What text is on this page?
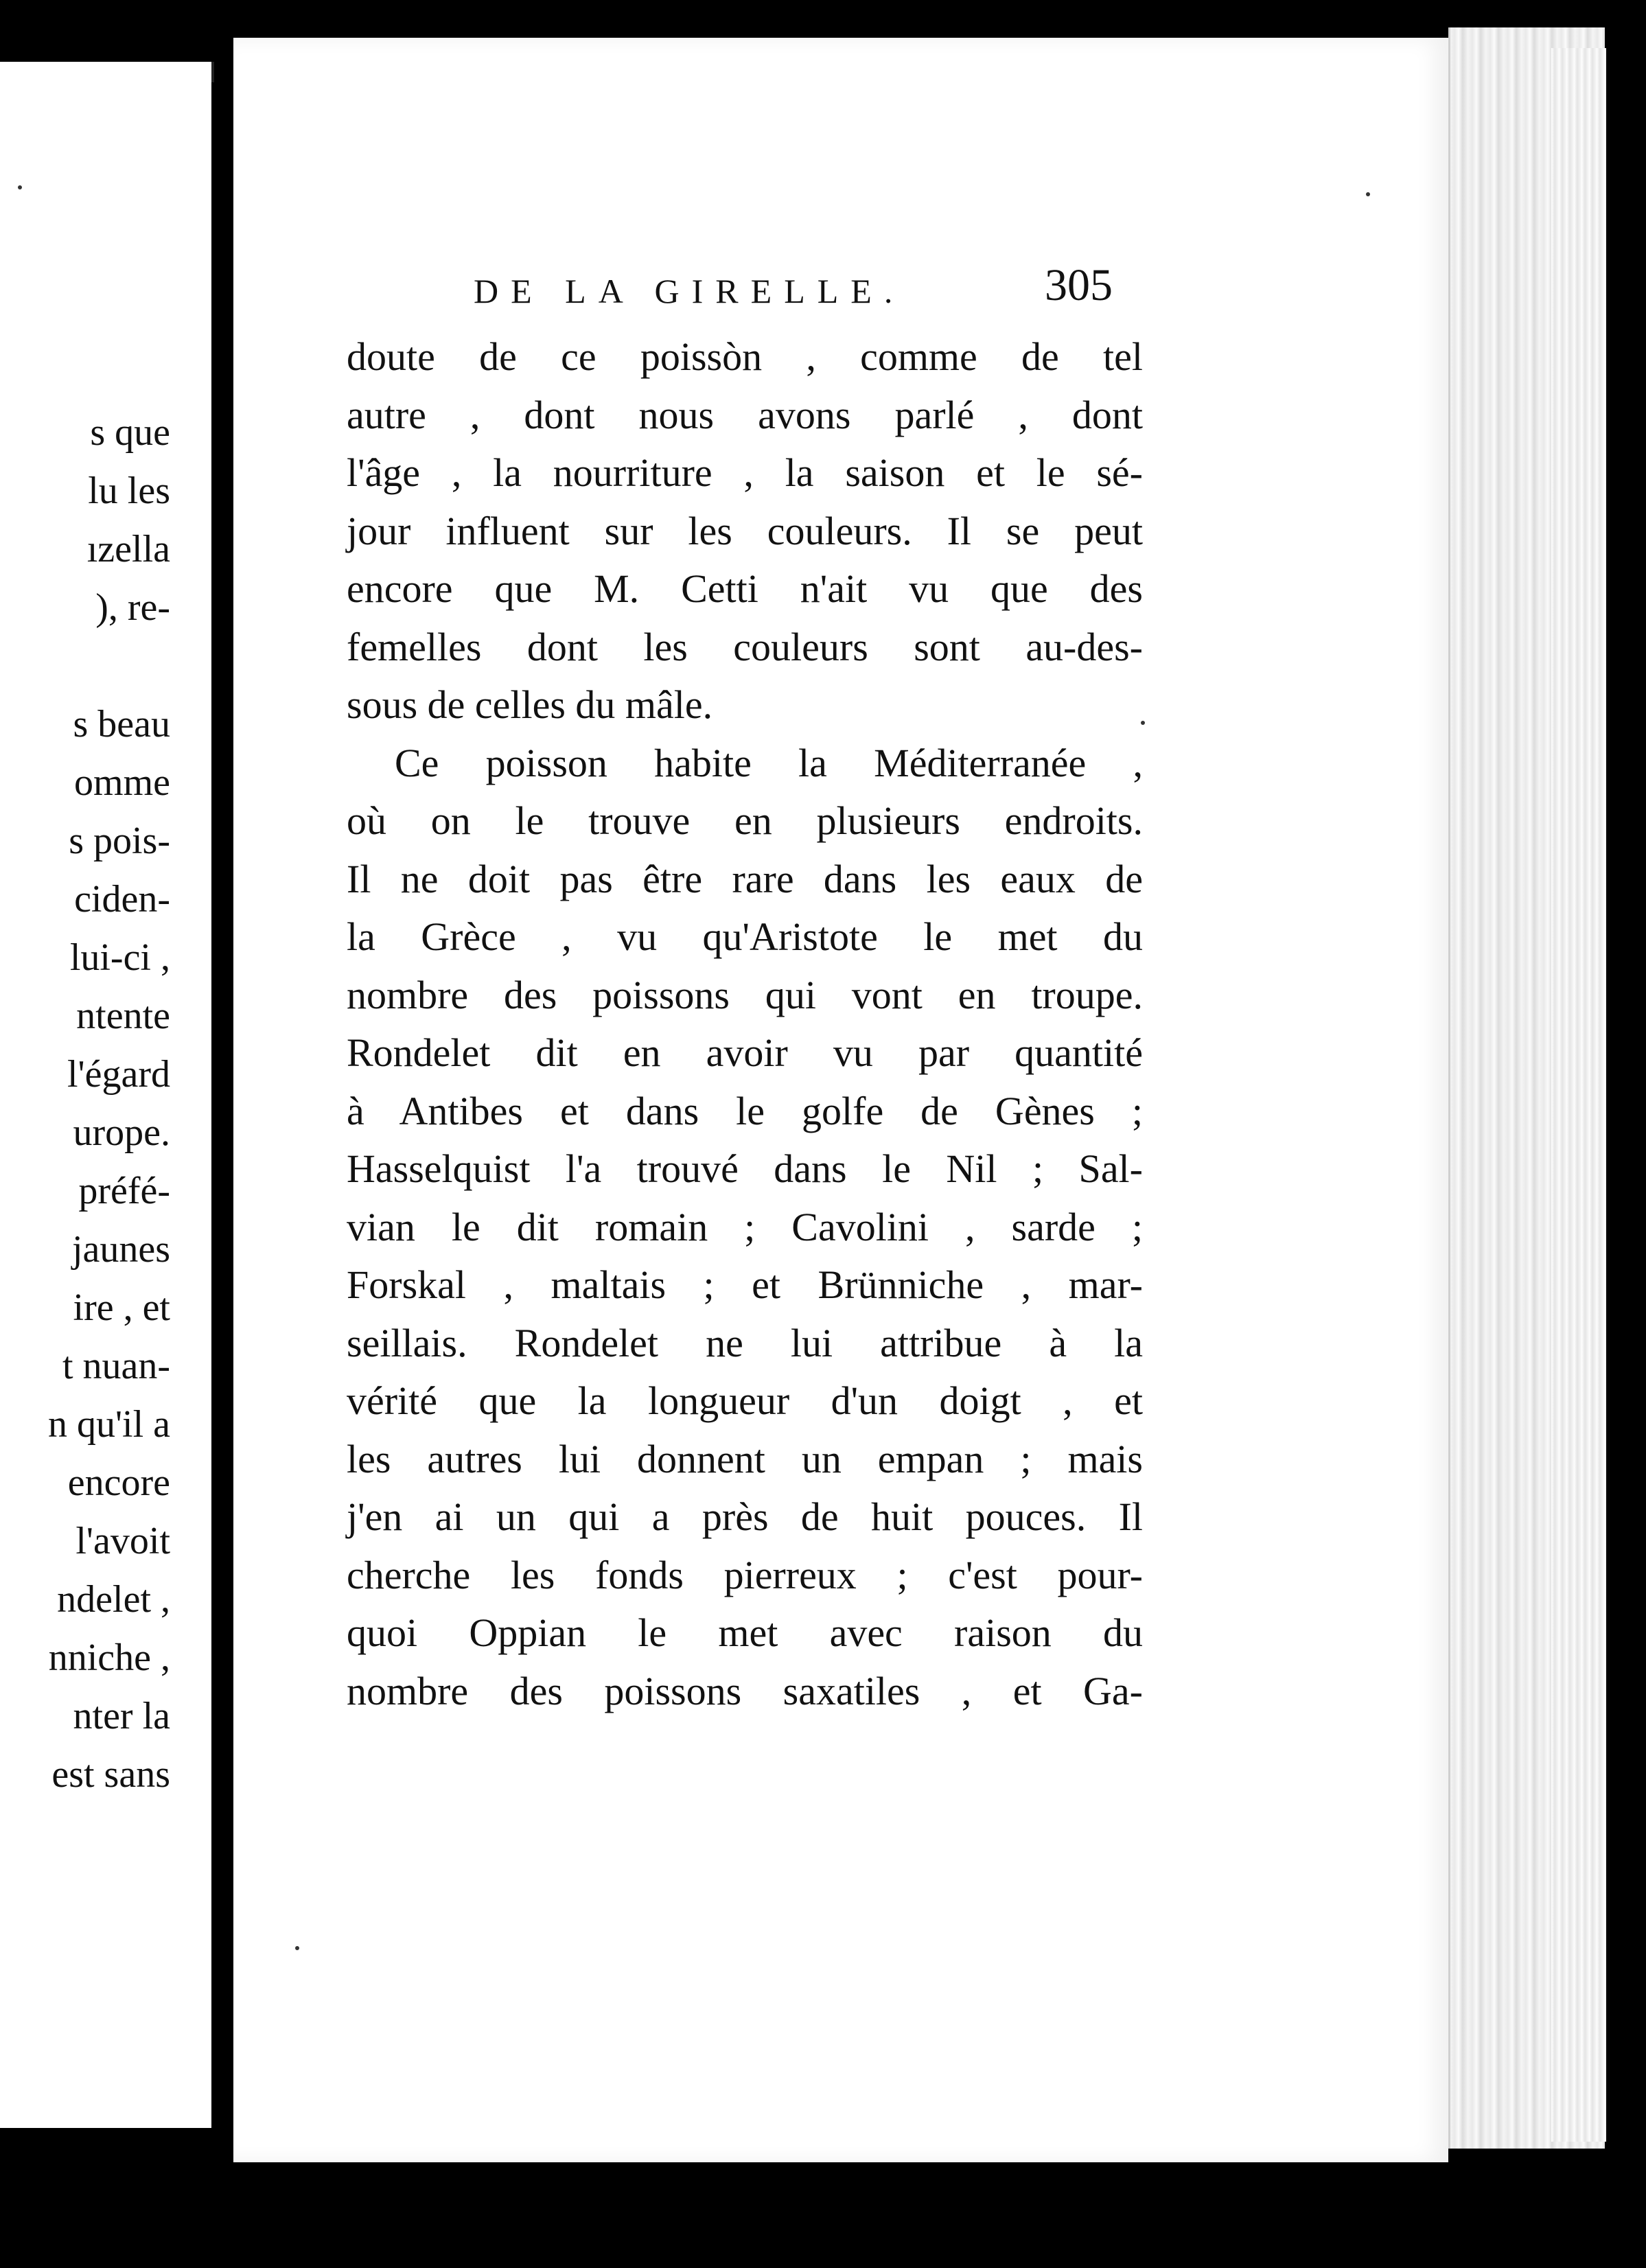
s que
lu les
ızella
), re-
s beau
omme
s pois-
ciden-
lui-ci ,
ntente
l'égard
urope.
préfé-
jaunes
ire , et
t nuan-
n qu'il a
encore
l'avoit
ndelet ,
nniche ,
nter la
est sans
DE LA GIRELLE.	305
doute de ce poissòn , comme de tel
autre , dont nous avons parlé , dont
l'âge , la nourriture , la saison et le sé-
jour influent sur les couleurs. Il se peut
encore que M. Cetti n'ait vu que des
femelles dont les couleurs sont au-des-
sous de celles du mâle.
Ce poisson habite la Méditerranée ,
où on le trouve en plusieurs endroits.
Il ne doit pas être rare dans les eaux de
la Grèce , vu qu'Aristote le met du
nombre des poissons qui vont en troupe.
Rondelet dit en avoir vu par quantité
à Antibes et dans le golfe de Gènes ;
Hasselquist l'a trouvé dans le Nil ; Sal-
vian le dit romain ; Cavolini , sarde ;
Forskal , maltais ; et Brünniche , mar-
seillais. Rondelet ne lui attribue à la
vérité que la longueur d'un doigt , et
les autres lui donnent un empan ; mais
j'en ai un qui a près de huit pouces. Il
cherche les fonds pierreux ; c'est pour-
quoi Oppian le met avec raison du
nombre des poissons saxatiles , et Ga-
